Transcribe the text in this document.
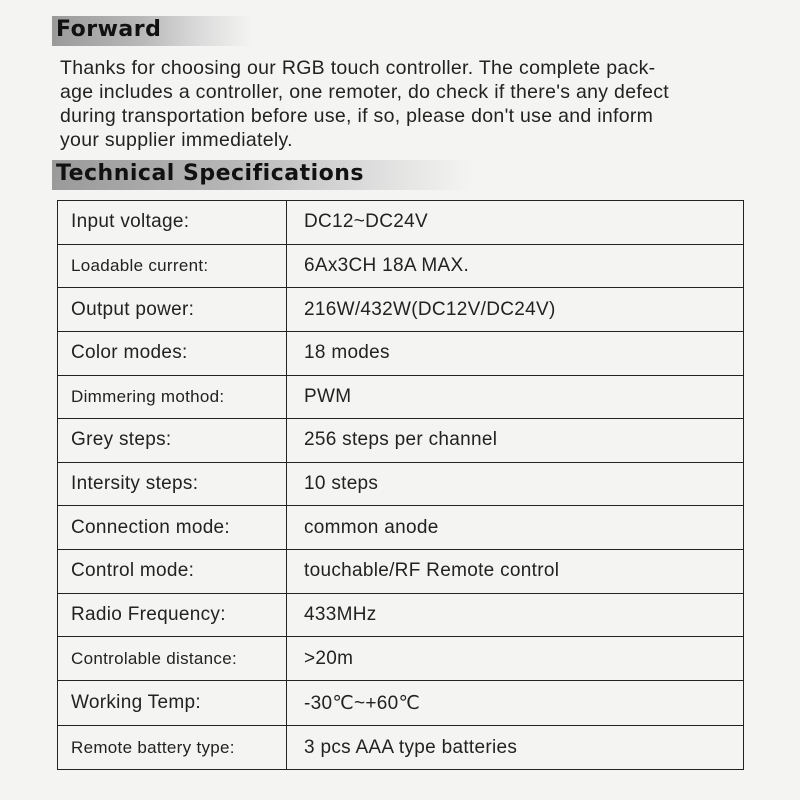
Forward
Thanks for choosing our RGB touch controller. The complete pack-
age includes a controller, one remoter, do check if there's any defect
during transportation before use, if so, please don't use and inform
your supplier immediately.
Technical Specifications
Input voltage:	DC12~DC24V
Loadable current:	6Ax3CH 18A MAX.
Output power:	216W/432W(DC12V/DC24V)
Color modes:	18 modes
Dimmering mothod:	PWM
Grey steps:	256 steps per channel
Intersity steps:	10 steps
Connection mode:	common anode
Control mode:	touchable/RF Remote control
Radio Frequency:	433MHz
Controlable distance:	>20m
Working Temp:	-30℃~+60℃
Remote battery type:	3 pcs AAA type batteries
